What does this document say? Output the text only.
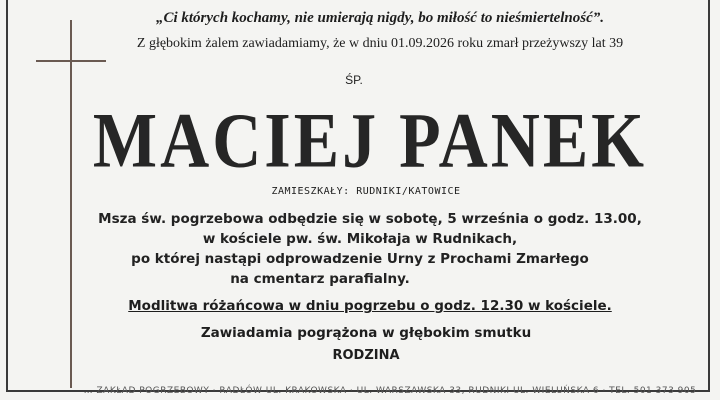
„Ci których kochamy, nie umierają nigdy, bo miłość to nieśmiertelność”.
Z głębokim żalem zawiadamiamy, że w dniu 01.09.2026 roku zmarł przeżywszy lat 39
ŚP.
MACIEJ PANEK
ZAMIESZKAŁY: RUDNIKI/KATOWICE
Msza św. pogrzebowa odbędzie się w sobotę, 5 września o godz. 13.00,
w kościele pw. św. Mikołaja w Rudnikach,
po której nastąpi odprowadzenie Urny z Prochami Zmarłego
na cmentarz parafialny.
Modlitwa różańcowa w dniu pogrzebu o godz. 12.30 w kościele.
Zawiadamia pogrążona w głębokim smutku
RODZINA
… ZAKŁAD POGRZEBOWY · RADŁÓW UL. KRAKOWSKA · UL. WARSZAWSKA 33, RUDNIKI UL. WIELUŃSKA 6 · TEL. 501 373 905
